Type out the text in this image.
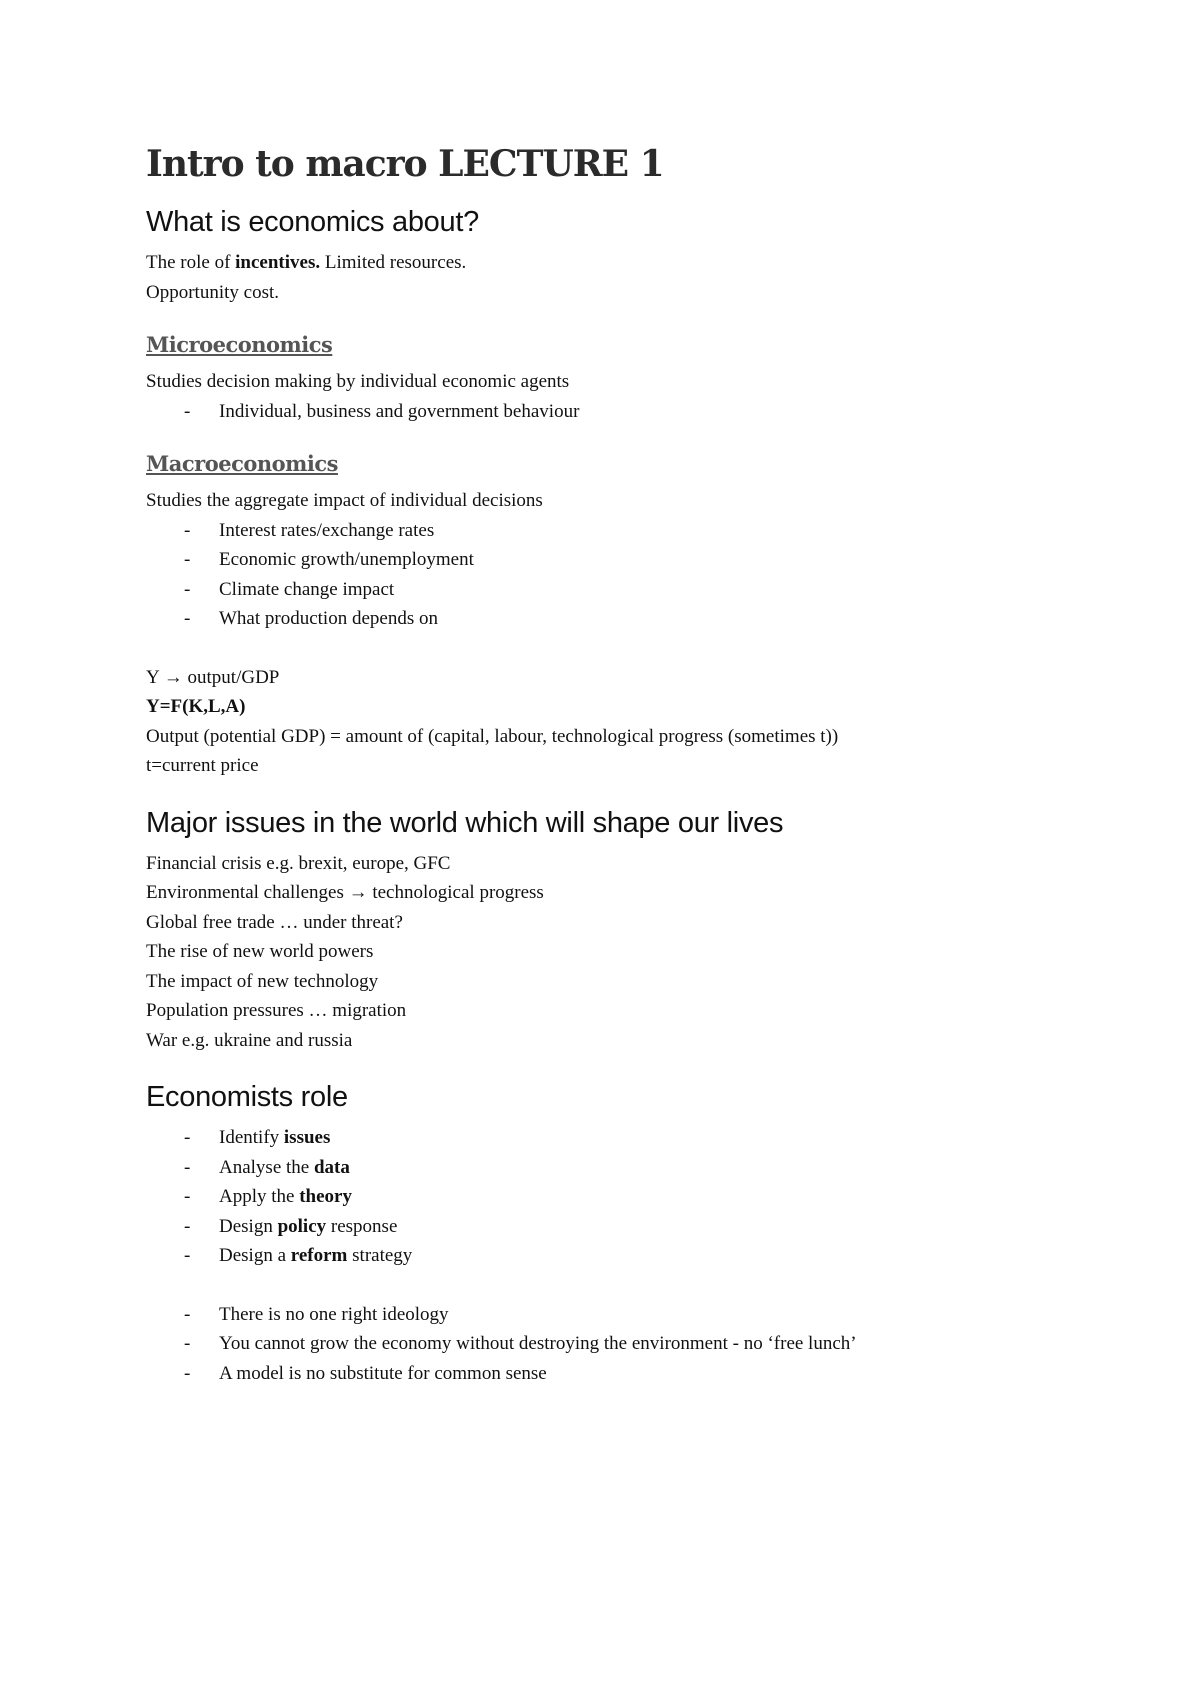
Intro to macro LECTURE 1
What is economics about?
The role of incentives. Limited resources.
Opportunity cost.
Microeconomics
Studies decision making by individual economic agents
- Individual, business and government behaviour
Macroeconomics
Studies the aggregate impact of individual decisions
- Interest rates/exchange rates
- Economic growth/unemployment
- Climate change impact
- What production depends on
Y → output/GDP
Y=F(K,L,A)
Output (potential GDP) = amount of (capital, labour, technological progress (sometimes t))
t=current price
Major issues in the world which will shape our lives
Financial crisis e.g. brexit, europe, GFC
Environmental challenges → technological progress
Global free trade … under threat?
The rise of new world powers
The impact of new technology
Population pressures … migration
War e.g. ukraine and russia
Economists role
- Identify issues
- Analyse the data
- Apply the theory
- Design policy response
- Design a reform strategy
- There is no one right ideology
- You cannot grow the economy without destroying the environment - no ‘free lunch’
- A model is no substitute for common sense
